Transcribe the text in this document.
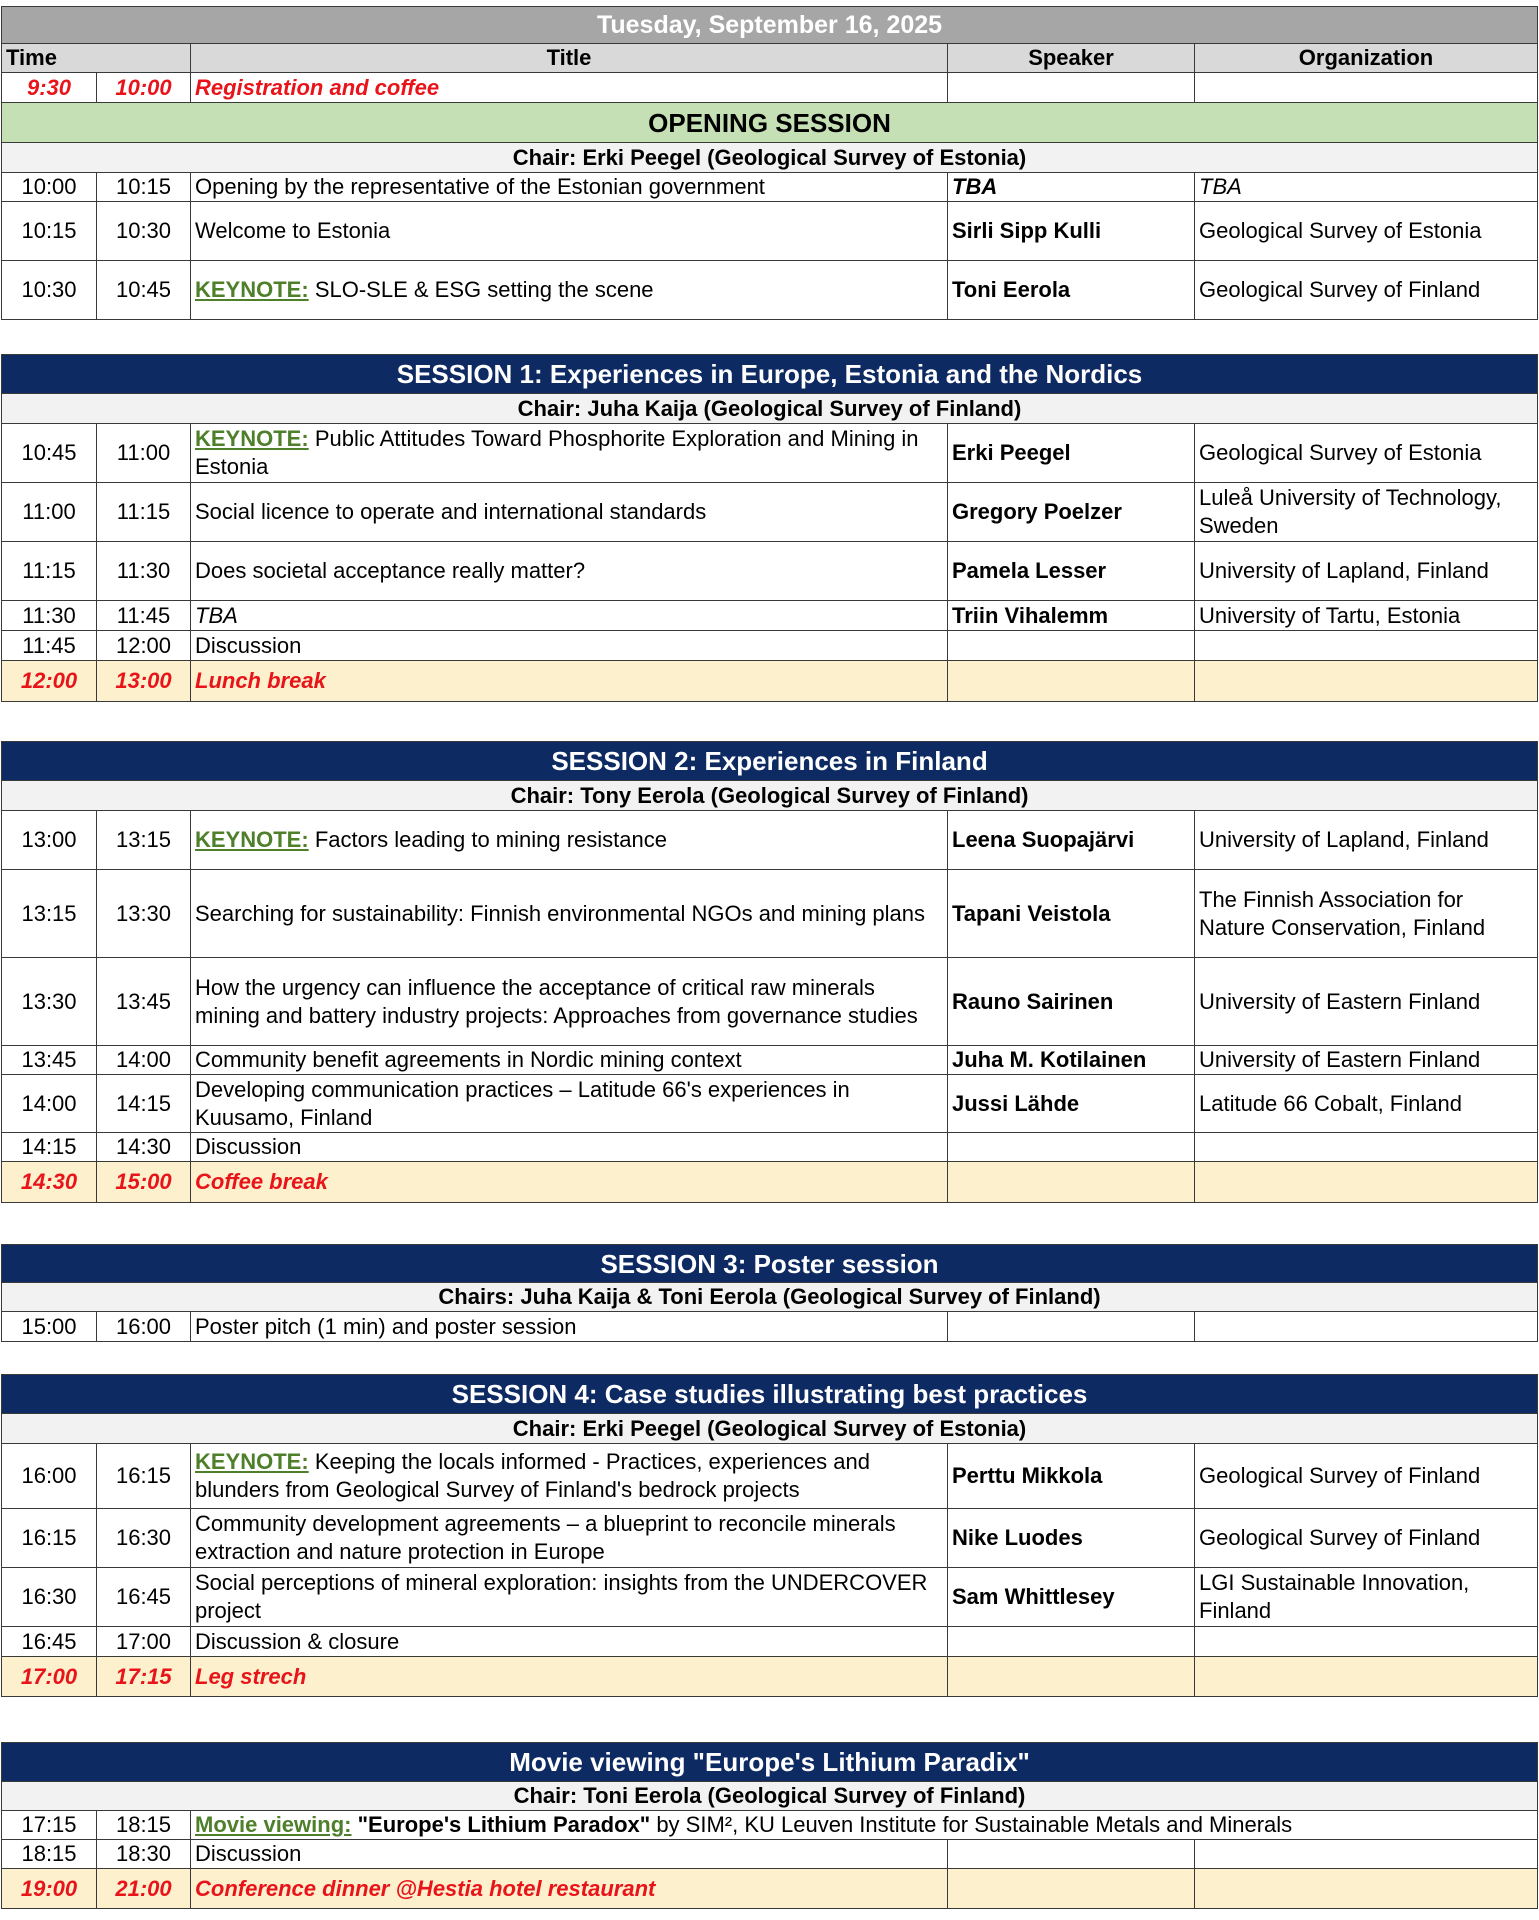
Tuesday, September 16, 2025				
Time		Title	Speaker	Organization
9:30	10:00	Registration and coffee		
OPENING SESSION				
Chair: Erki Peegel (Geological Survey of Estonia)				
10:00	10:15	Opening by the representative of the Estonian government	TBA	TBA
10:15	10:30	Welcome to Estonia	Sirli Sipp Kulli	Geological Survey of Estonia
10:30	10:45	KEYNOTE: SLO-SLE & ESG setting the scene	Toni Eerola	Geological Survey of Finland
SESSION 1: Experiences in Europe, Estonia and the Nordics				
Chair: Juha Kaija (Geological Survey of Finland)				
10:45	11:00	KEYNOTE: Public Attitudes Toward Phosphorite Exploration and Mining in Estonia	Erki Peegel	Geological Survey of Estonia
11:00	11:15	Social licence to operate and international standards	Gregory Poelzer	Luleå University of Technology, Sweden
11:15	11:30	Does societal acceptance really matter?	Pamela Lesser	University of Lapland, Finland
11:30	11:45	TBA	Triin Vihalemm	University of Tartu, Estonia
11:45	12:00	Discussion		
12:00	13:00	Lunch break		
SESSION 2: Experiences in Finland				
Chair: Tony Eerola (Geological Survey of Finland)				
13:00	13:15	KEYNOTE: Factors leading to mining resistance	Leena Suopajärvi	University of Lapland, Finland
13:15	13:30	Searching for sustainability: Finnish environmental NGOs and mining plans	Tapani Veistola	The Finnish Association for Nature Conservation, Finland
13:30	13:45	How the urgency can influence the acceptance of critical raw minerals mining and battery industry projects: Approaches from governance studies	Rauno Sairinen	University of Eastern Finland
13:45	14:00	Community benefit agreements in Nordic mining context	Juha M. Kotilainen	University of Eastern Finland
14:00	14:15	Developing communication practices – Latitude 66's experiences in Kuusamo, Finland	Jussi Lähde	Latitude 66 Cobalt, Finland
14:15	14:30	Discussion		
14:30	15:00	Coffee break		
SESSION 3: Poster session
Chairs: Juha Kaija & Toni Eerola (Geological Survey of Finland)
15:00	16:00	Poster pitch (1 min) and poster session		
SESSION 4: Case studies illustrating best practices				
Chair: Erki Peegel (Geological Survey of Estonia)				
16:00	16:15	KEYNOTE: Keeping the locals informed - Practices, experiences and blunders from Geological Survey of Finland's bedrock projects	Perttu Mikkola	Geological Survey of Finland
16:15	16:30	Community development agreements – a blueprint to reconcile minerals extraction and nature protection in Europe	Nike Luodes	Geological Survey of Finland
16:30	16:45	Social perceptions of mineral exploration: insights from the UNDERCOVER project	Sam Whittlesey	LGI Sustainable Innovation, Finland
16:45	17:00	Discussion & closure		
17:00	17:15	Leg strech		
Movie viewing "Europe's Lithium Paradix"				
Chair: Toni Eerola (Geological Survey of Finland)				
17:15	18:15	Movie viewing: "Europe's Lithium Paradox" by SIM², KU Leuven Institute for Sustainable Metals and Minerals		
18:15	18:30	Discussion		
19:00	21:00	Conference dinner @Hestia hotel restaurant		
